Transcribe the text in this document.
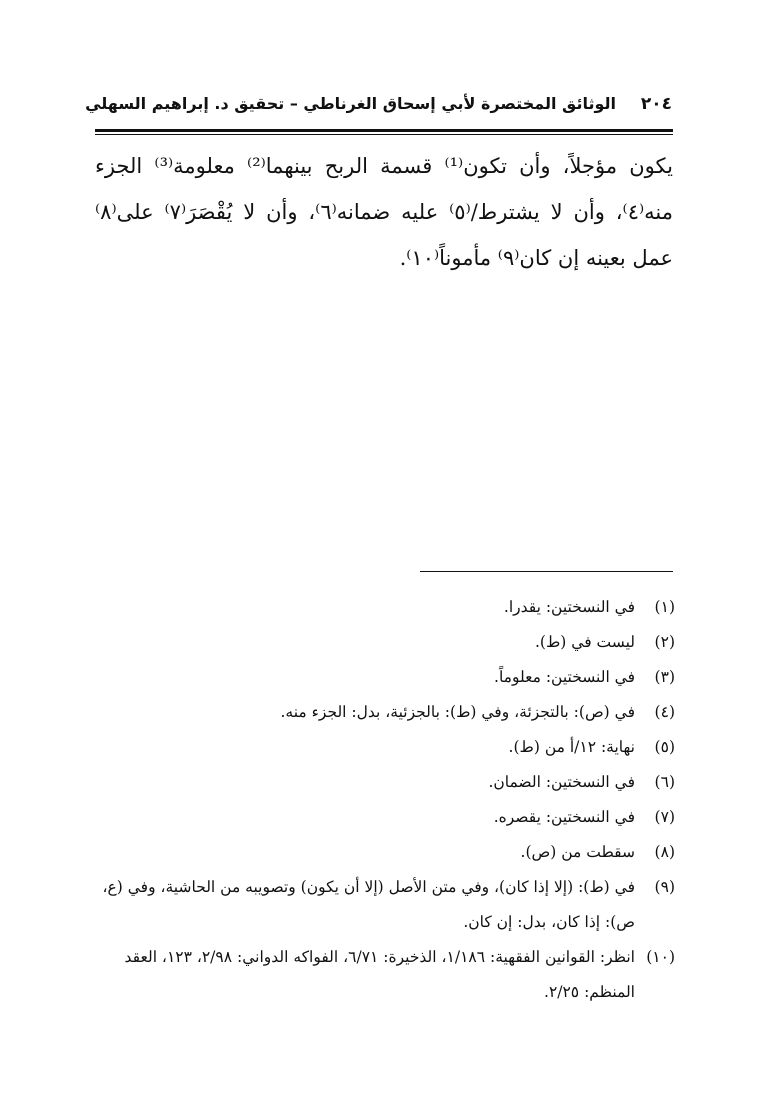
٢٠٤
الوثائق المختصرة لأبي إسحاق الغرناطي – تحقيق د. إبراهيم السهلي

يكون مؤجلاً، وأن تكون⁽¹⁾ قسمة الربح بينهما⁽²⁾ معلومة⁽³⁾ الجزء منه⁽٤⁾، وأن لا يشترط/⁽٥⁾ عليه ضمانه⁽٦⁾، وأن لا يُقْصَرَ⁽٧⁾ على⁽٨⁾ عمل بعينه إن كان⁽٩⁾ مأموناً⁽١٠⁾.

(١)
في النسختين: يقدرا.
(٢)
ليست في (ط).
(٣)
في النسختين: معلوماً.
(٤)
في (ص): بالتجزئة، وفي (ط): بالجزئية، بدل: الجزء منه.
(٥)
نهاية: ١٢/أ من (ط).
(٦)
في النسختين: الضمان.
(٧)
في النسختين: يقصره.
(٨)
سقطت من (ص).
(٩)
في (ط): (إلا إذا كان)، وفي متن الأصل (إلا أن يكون) وتصويبه من الحاشية، وفي (ع، ص): إذا كان، بدل: إن كان.
(١٠)
انظر: القوانين الفقهية: ١/١٨٦، الذخيرة: ٦/٧١، الفواكه الدواني: ٢/٩٨، ١٢٣، العقد المنظم: ٢/٢٥.
